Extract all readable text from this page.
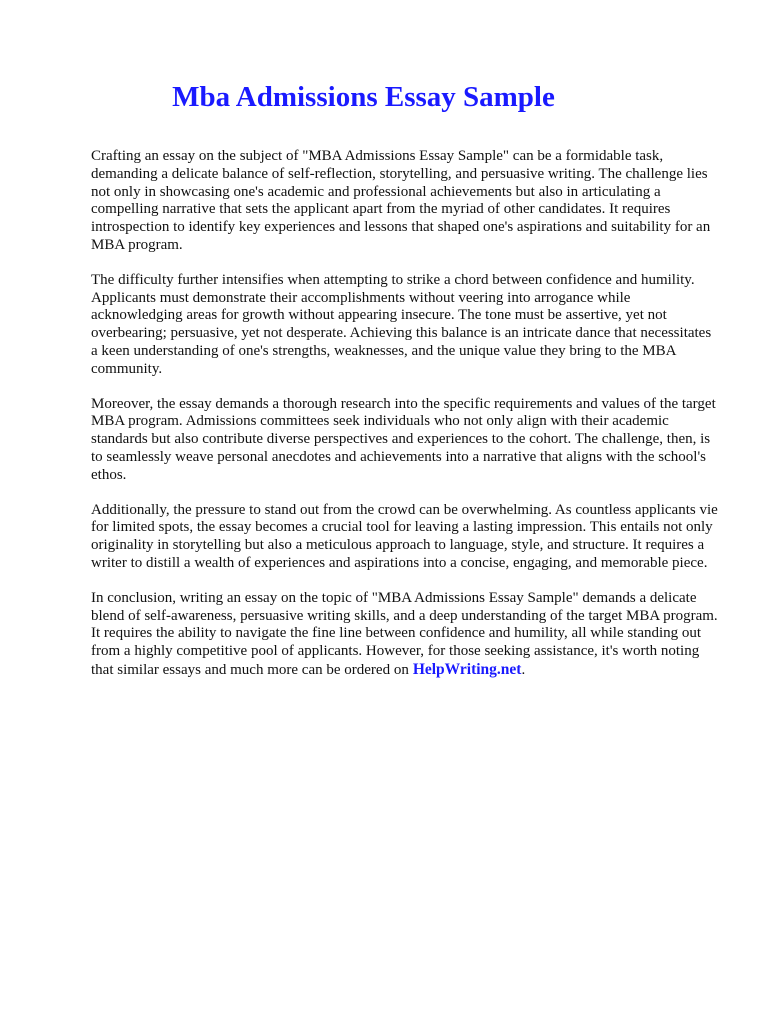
Mba Admissions Essay Sample

Crafting an essay on the subject of "MBA Admissions Essay Sample" can be a formidable task, demanding a delicate balance of self-reflection, storytelling, and persuasive writing. The challenge lies not only in showcasing one's academic and professional achievements but also in articulating a compelling narrative that sets the applicant apart from the myriad of other candidates. It requires introspection to identify key experiences and lessons that shaped one's aspirations and suitability for an MBA program.

The difficulty further intensifies when attempting to strike a chord between confidence and humility. Applicants must demonstrate their accomplishments without veering into arrogance while acknowledging areas for growth without appearing insecure. The tone must be assertive, yet not overbearing; persuasive, yet not desperate. Achieving this balance is an intricate dance that necessitates a keen understanding of one's strengths, weaknesses, and the unique value they bring to the MBA community.

Moreover, the essay demands a thorough research into the specific requirements and values of the target MBA program. Admissions committees seek individuals who not only align with their academic standards but also contribute diverse perspectives and experiences to the cohort. The challenge, then, is to seamlessly weave personal anecdotes and achievements into a narrative that aligns with the school's ethos.

Additionally, the pressure to stand out from the crowd can be overwhelming. As countless applicants vie for limited spots, the essay becomes a crucial tool for leaving a lasting impression. This entails not only originality in storytelling but also a meticulous approach to language, style, and structure. It requires a writer to distill a wealth of experiences and aspirations into a concise, engaging, and memorable piece.

In conclusion, writing an essay on the topic of "MBA Admissions Essay Sample" demands a delicate blend of self-awareness, persuasive writing skills, and a deep understanding of the target MBA program. It requires the ability to navigate the fine line between confidence and humility, all while standing out from a highly competitive pool of applicants. However, for those seeking assistance, it's worth noting that similar essays and much more can be ordered on HelpWriting.net.
